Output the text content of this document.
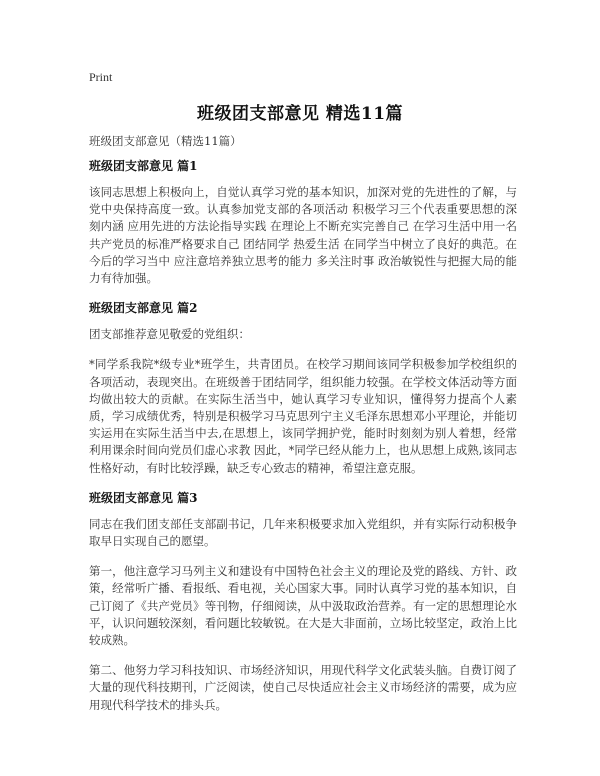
Print
班级团支部意见 精选11篇
班级团支部意见（精选11篇）
班级团支部意见 篇1

该同志思想上积极向上，自觉认真学习党的基本知识，加深对党的先进性的了解，与党中央保持高度一致。认真参加党支部的各项活动 积极学习三个代表重要思想的深刻内涵 应用先进的方法论指导实践 在理论上不断充实完善自己 在学习生活中用一名共产党员的标准严格要求自己 团结同学 热爱生活 在同学当中树立了良好的典范。在今后的学习当中 应注意培养独立思考的能力 多关注时事 政治敏锐性与把握大局的能力有待加强。

班级团支部意见 篇2

团支部推荐意见敬爱的党组织：

*同学系我院*级专业*班学生，共青团员。在校学习期间该同学积极参加学校组织的各项活动，表现突出。在班级善于团结同学，组织能力较强。在学校文体活动等方面均做出较大的贡献。在实际生活当中，她认真学习专业知识，懂得努力提高个人素质，学习成绩优秀，特别是积极学习马克思列宁主义毛泽东思想邓小平理论，并能切实运用在实际生活当中去,在思想上，该同学拥护党，能时时刻刻为别人着想，经常利用课余时间向党员们虚心求教 因此，*同学已经从能力上，也从思想上成熟,该同志性格好动，有时比较浮躁，缺乏专心致志的精神，希望注意克服。

班级团支部意见 篇3

同志在我们团支部任支部副书记，几年来积极要求加入党组织，并有实际行动积极争取早日实现自己的愿望。

第一，他注意学习马列主义和建设有中国特色社会主义的理论及党的路线、方针、政策，经常听广播、看报纸、看电视，关心国家大事。同时认真学习党的基本知识，自己订阅了《共产党员》等刊物，仔细阅读，从中汲取政治营养。有一定的思想理论水平，认识问题较深刻，看问题比较敏锐。在大是大非面前，立场比较坚定，政治上比较成熟。

第二、他努力学习科技知识、市场经济知识，用现代科学文化武装头脑。自费订阅了大量的现代科技期刊，广泛阅读，使自己尽快适应社会主义市场经济的需要，成为应用现代科学技术的排头兵。
